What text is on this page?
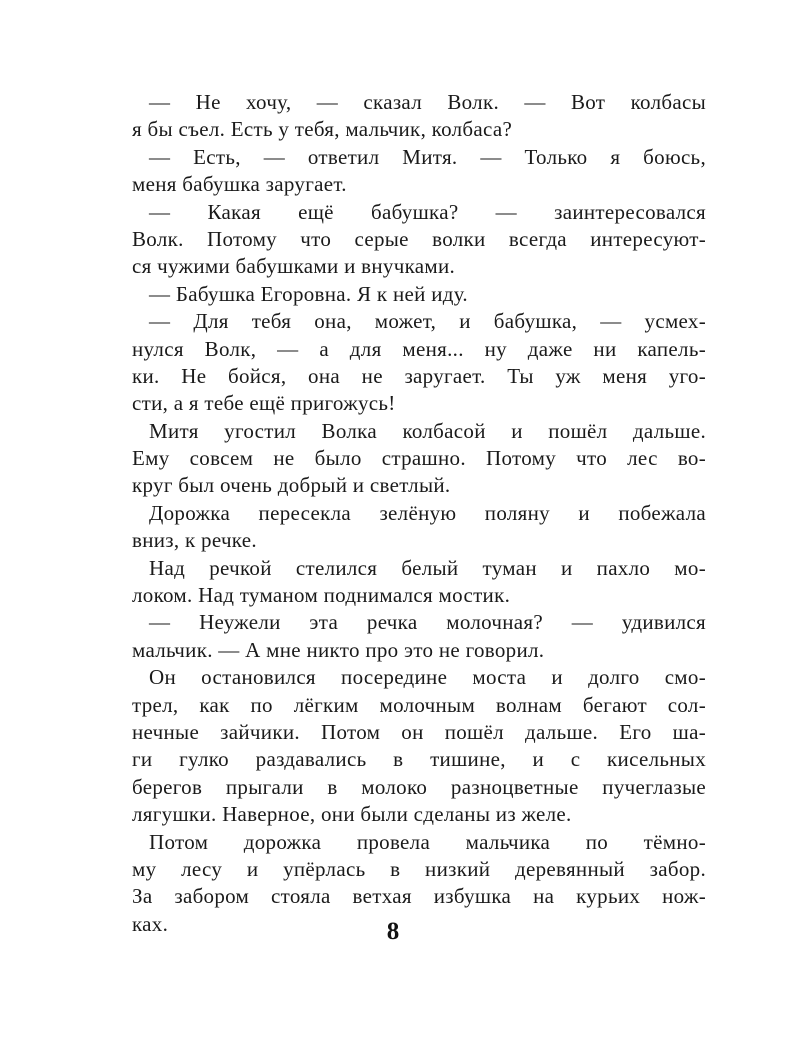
— Не хочу, — сказал Волк. — Вот колбасы
я бы съел. Есть у тебя, мальчик, колбаса?
— Есть, — ответил Митя. — Только я боюсь,
меня бабушка заругает.
— Какая ещё бабушка? — заинтересовался
Волк. Потому что серые волки всегда интересуют-
ся чужими бабушками и внучками.
— Бабушка Егоровна. Я к ней иду.
— Для тебя она, может, и бабушка, — усмех-
нулся Волк, — а для меня... ну даже ни капель-
ки. Не бойся, она не заругает. Ты уж меня уго-
сти, а я тебе ещё пригожусь!
Митя угостил Волка колбасой и пошёл дальше.
Ему совсем не было страшно. Потому что лес во-
круг был очень добрый и светлый.
Дорожка пересекла зелёную поляну и побежала
вниз, к речке.
Над речкой стелился белый туман и пахло мо-
локом. Над туманом поднимался мостик.
— Неужели эта речка молочная? — удивился
мальчик. — А мне никто про это не говорил.
Он остановился посередине моста и долго смо-
трел, как по лёгким молочным волнам бегают сол-
нечные зайчики. Потом он пошёл дальше. Его ша-
ги гулко раздавались в тишине, и с кисельных
берегов прыгали в молоко разноцветные пучеглазые
лягушки. Наверное, они были сделаны из желе.
Потом дорожка провела мальчика по тёмно-
му лесу и упёрлась в низкий деревянный забор.
За забором стояла ветхая избушка на курьих нож-
ках.	8
